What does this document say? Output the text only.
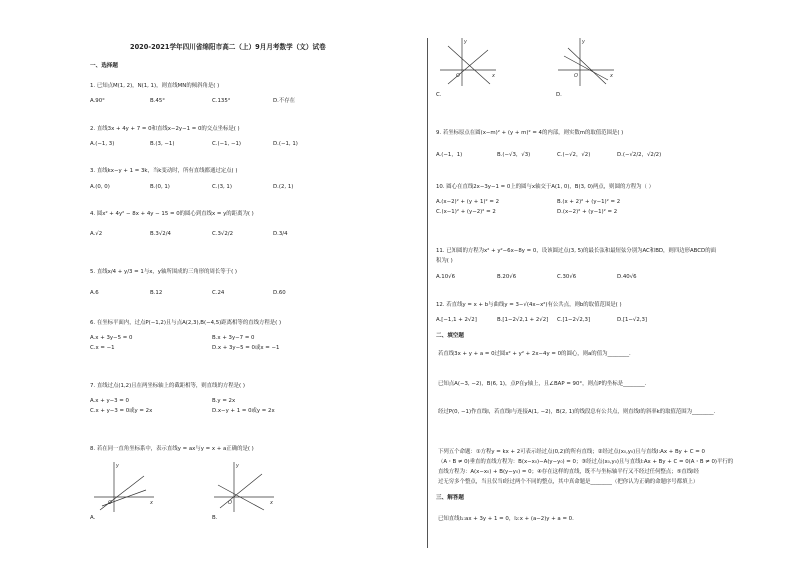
2020-2021学年四川省绵阳市高二（上）9月月考数学（文）试卷
一、选择题
1. 已知点M(1, 2)，N(1, 1)，则直线MN的倾斜角是( )
A.90°	B.45°	C.135°	D.不存在
2. 直线3x + 4y + 7 = 0和直线x−2y−1 = 0的交点坐标是( )
A.(−1, 3)	B.(3, −1)	C.(−1, −1)	D.(−1, 1)
3. 直线kx−y + 1 = 3k，当k变动时，所有直线都通过定点( )
A.(0, 0)	B.(0, 1)	C.(3, 1)	D.(2, 1)
4. 圆x² + 4y² − 8x + 4y − 15 = 0的圆心到直线x = y的距离为( )
A.√2	B.3√2/4	C.3√2/2	D.3/4
5. 直线x/4 + y/3 = 1与x，y轴所围成的三角形的周长等于( )
A.6	B.12	C.24	D.60
6. 在坐标平面内，过点P(−1,2)且与点A(2,3),B(−4,5)距离相等的直线方程是( )
A.x + 3y−5 = 0	B.x + 3y−7 = 0
C.x = −1	D.x + 3y−5 = 0或x = −1
7. 直线过点(1,2)且在两坐标轴上的截距相等，则直线的方程是( )
A.x + y−3 = 0	B.y = 2x
C.x + y−3 = 0或y = 2x	D.x−y + 1 = 0或y = 2x
8. 若在同一直角坐标系中，表示直线y = ax与y = x + a正确的是( )
y
x
O
A.
y
x
O
B.
y
x
O
C.
y
x
O
D.
9. 若坐标原点在圆(x−m)² + (y + m)² = 4的内部，则实数m的取值范围是( )
A.(−1，1)	B.(−√3，√3)	C.(−√2，√2)	D.(−√2/2，√2/2)
10. 圆心在直线2x−3y−1 = 0上的圆与x轴交于A(1, 0)，B(3, 0)两点，则圆的方程为（ ）
A.(x−2)² + (y + 1)² = 2	B.(x + 2)² + (y−1)² = 2
C.(x−1)² + (y−2)² = 2	D.(x−2)² + (y−1)² = 2
11. 已知圆的方程为x² + y²−6x−8y = 0，设该圆过点(3, 5)的最长弦和最短弦分别为AC和BD，则四边形ABCD的面
积为( )
A.10√6	B.20√6	C.30√6	D.40√6
12. 若直线y = x + b与曲线y = 3−√(4x−x²)有公共点，则b的取值范围是( )
A.[−1,1 + 2√2]	B.[1−2√2,1 + 2√2] C.[1−2√2,3]	D.[1−√2,3]
二、填空题
若直线3x + y + a = 0过圆x² + y² + 2x−4y = 0的圆心，则a的值为________.
已知点A(−3, −2)，B(6, 1)，点P在y轴上，且∠BAP = 90°，则点P的坐标是________.
经过P(0, −1)作直线l，若直线l与连接A(1, −2)，B(2, 1)的线段总有公共点，则直线l的斜率k的取值范围为________.
下列五个命题：①方程y = kx + 2可表示经过点(0,2)的所有直线；②经过点(x₀,y₀)且与直线l:Ax + By + C = 0
（A・B ≠ 0)垂直的直线方程为：B(x−x₀)−A(y−y₀) = 0；③经过点(x₀,y₀)且与直线l:Ax + By + C = 0(A・B ≠ 0)平行的
直线方程为：A(x−x₀) + B(y−y₀) = 0；④存在这样的直线，既不与坐标轴平行又不经过任何整点；⑤直线l经
过无穷多个整点，当且仅当l经过两个不同的整点，其中真命题是________（把你认为正确的命题序号都填上）
三、解答题
已知直线l₁:ax + 3y + 1 = 0，l₂:x + (a−2)y + a = 0.
